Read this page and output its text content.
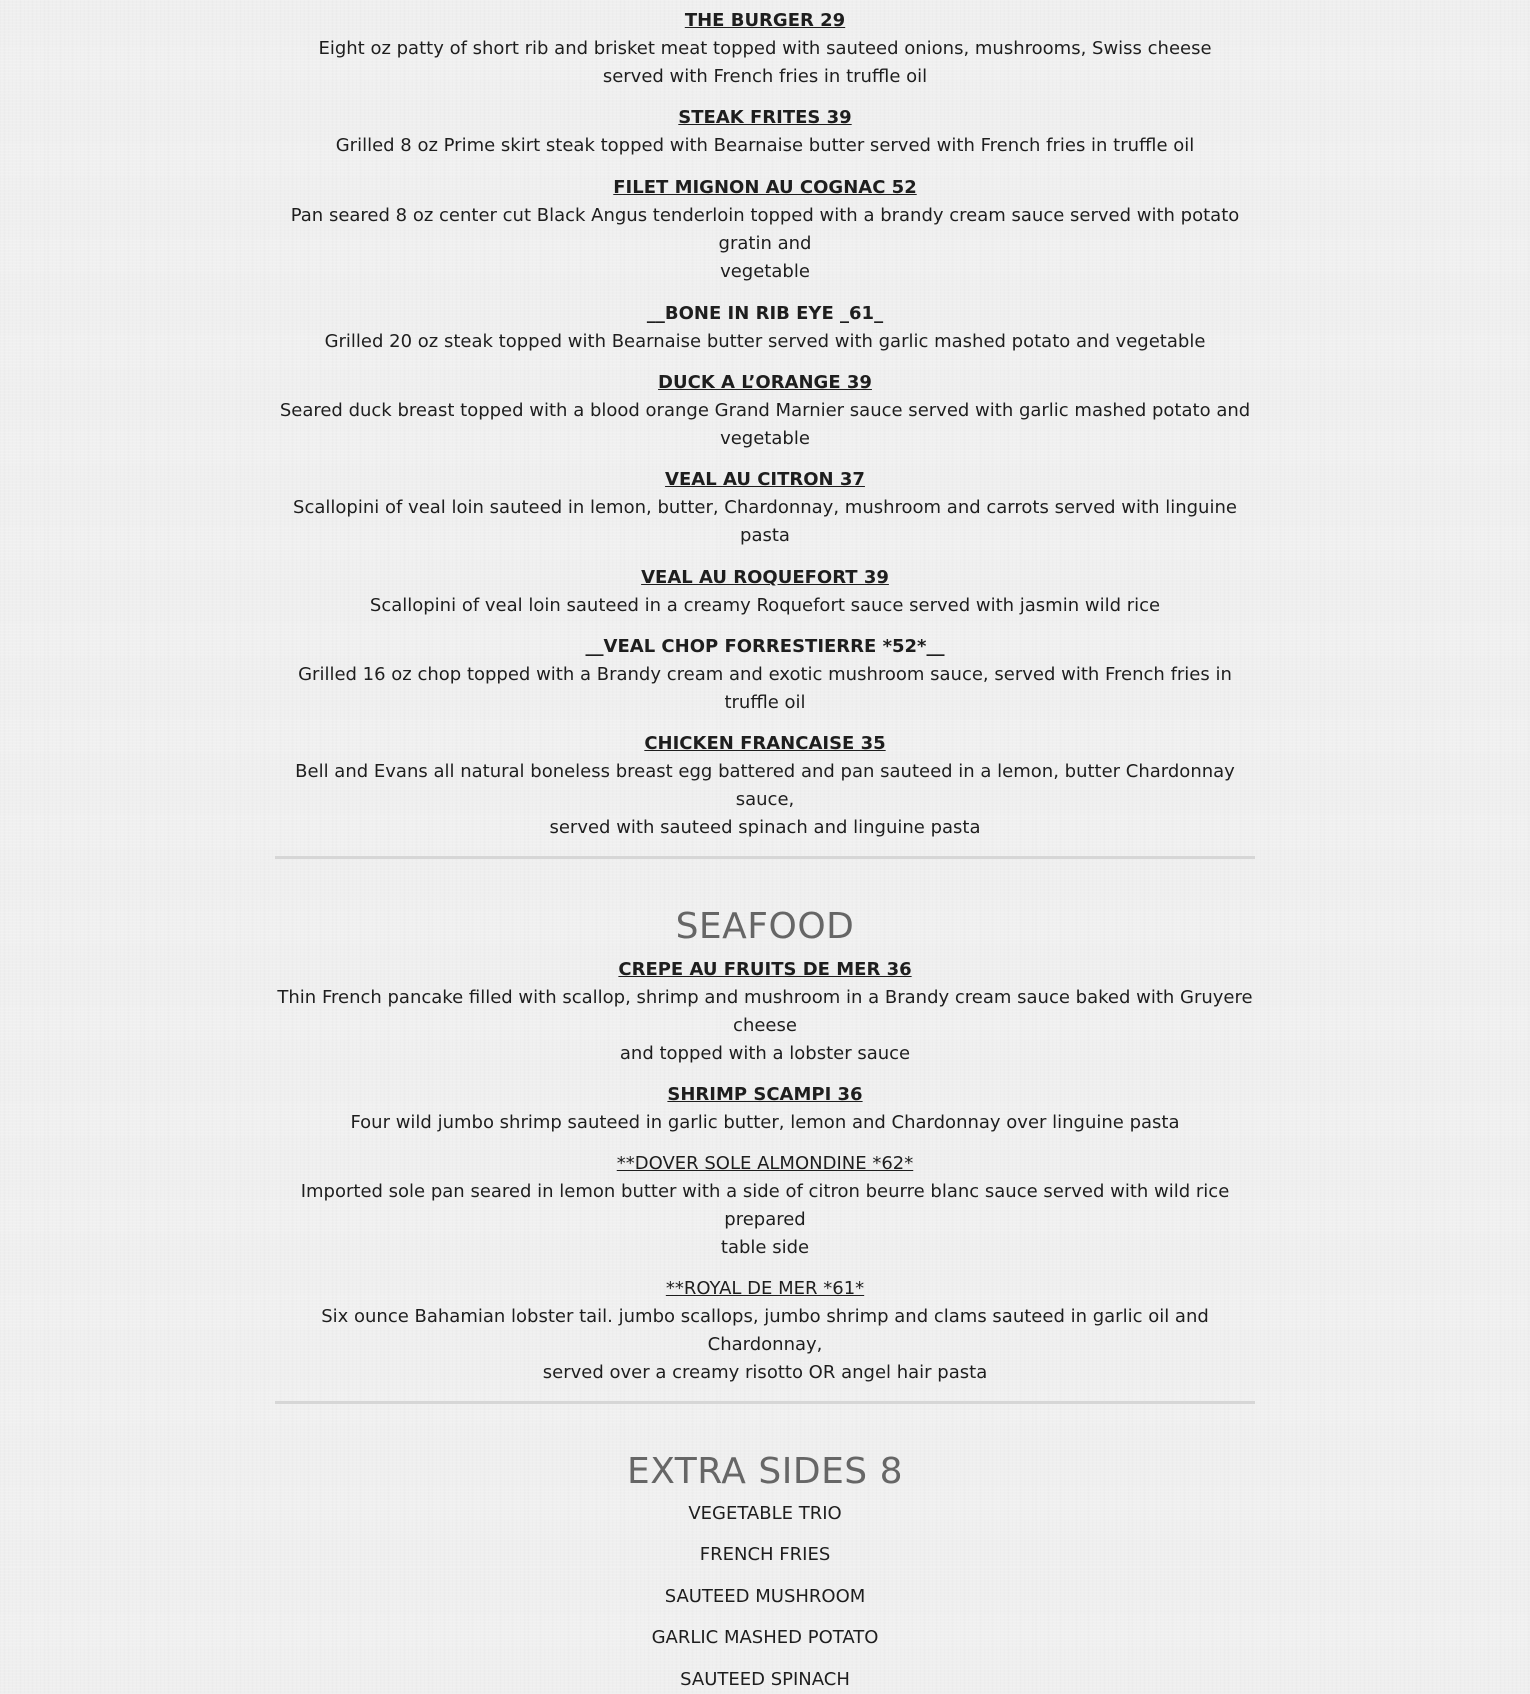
THE BURGER 29
Eight oz patty of short rib and brisket meat topped with sauteed onions, mushrooms, Swiss cheese
served with French fries in truffle oil
STEAK FRITES 39
Grilled 8 oz Prime skirt steak topped with Bearnaise butter served with French fries in truffle oil
FILET MIGNON AU COGNAC 52
Pan seared 8 oz center cut Black Angus tenderloin topped with a brandy cream sauce served with potato gratin and
vegetable
__BONE IN RIB EYE _61_
Grilled 20 oz steak topped with Bearnaise butter served with garlic mashed potato and vegetable
DUCK A L’ORANGE 39
Seared duck breast topped with a blood orange Grand Marnier sauce served with garlic mashed potato and
vegetable
VEAL AU CITRON 37
Scallopini of veal loin sauteed in lemon, butter, Chardonnay, mushroom and carrots served with linguine pasta
VEAL AU ROQUEFORT 39
Scallopini of veal loin sauteed in a creamy Roquefort sauce served with jasmin wild rice
__VEAL CHOP FORRESTIERRE *52*__
Grilled 16 oz chop topped with a Brandy cream and exotic mushroom sauce, served with French fries in truffle oil
CHICKEN FRANCAISE 35
Bell and Evans all natural boneless breast egg battered and pan sauteed in a lemon, butter Chardonnay sauce,
served with sauteed spinach and linguine pasta
SEAFOOD
CREPE AU FRUITS DE MER 36
Thin French pancake filled with scallop, shrimp and mushroom in a Brandy cream sauce baked with Gruyere cheese
and topped with a lobster sauce
SHRIMP SCAMPI 36
Four wild jumbo shrimp sauteed in garlic butter, lemon and Chardonnay over linguine pasta
**DOVER SOLE ALMONDINE *62*
Imported sole pan seared in lemon butter with a side of citron beurre blanc sauce served with wild rice prepared
table side
**ROYAL DE MER *61*
Six ounce Bahamian lobster tail. jumbo scallops, jumbo shrimp and clams sauteed in garlic oil and Chardonnay,
served over a creamy risotto OR angel hair pasta
EXTRA SIDES 8
VEGETABLE TRIO
FRENCH FRIES
SAUTEED MUSHROOM
GARLIC MASHED POTATO
SAUTEED SPINACH
